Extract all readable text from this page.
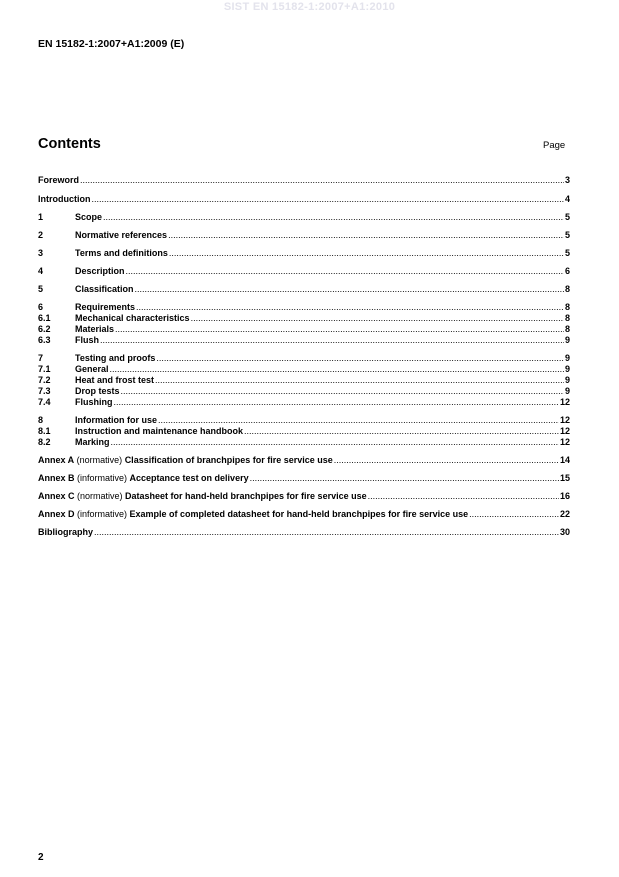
SIST EN 15182-1:2007+A1:2010
EN 15182-1:2007+A1:2009 (E)
Contents	Page
Foreword .....	3
Introduction .....	4
1	Scope .....	5
2	Normative references .....	5
3	Terms and definitions .....	5
4	Description .....	6
5	Classification .....	8
6	Requirements .....	8
6.1	Mechanical characteristics .....	8
6.2	Materials .....	8
6.3	Flush .....	9
7	Testing and proofs .....	9
7.1	General .....	9
7.2	Heat and frost test .....	9
7.3	Drop tests .....	9
7.4	Flushing .....	12
8	Information for use .....	12
8.1	Instruction and maintenance handbook .....	12
8.2	Marking .....	12
Annex A (normative) Classification of branchpipes for fire service use .....	14
Annex B (informative) Acceptance test on delivery .....	15
Annex C (normative) Datasheet for hand-held branchpipes for fire service use .....	16
Annex D (informative) Example of completed datasheet for hand-held branchpipes for fire service use .....	22
Bibliography .....	30
2
